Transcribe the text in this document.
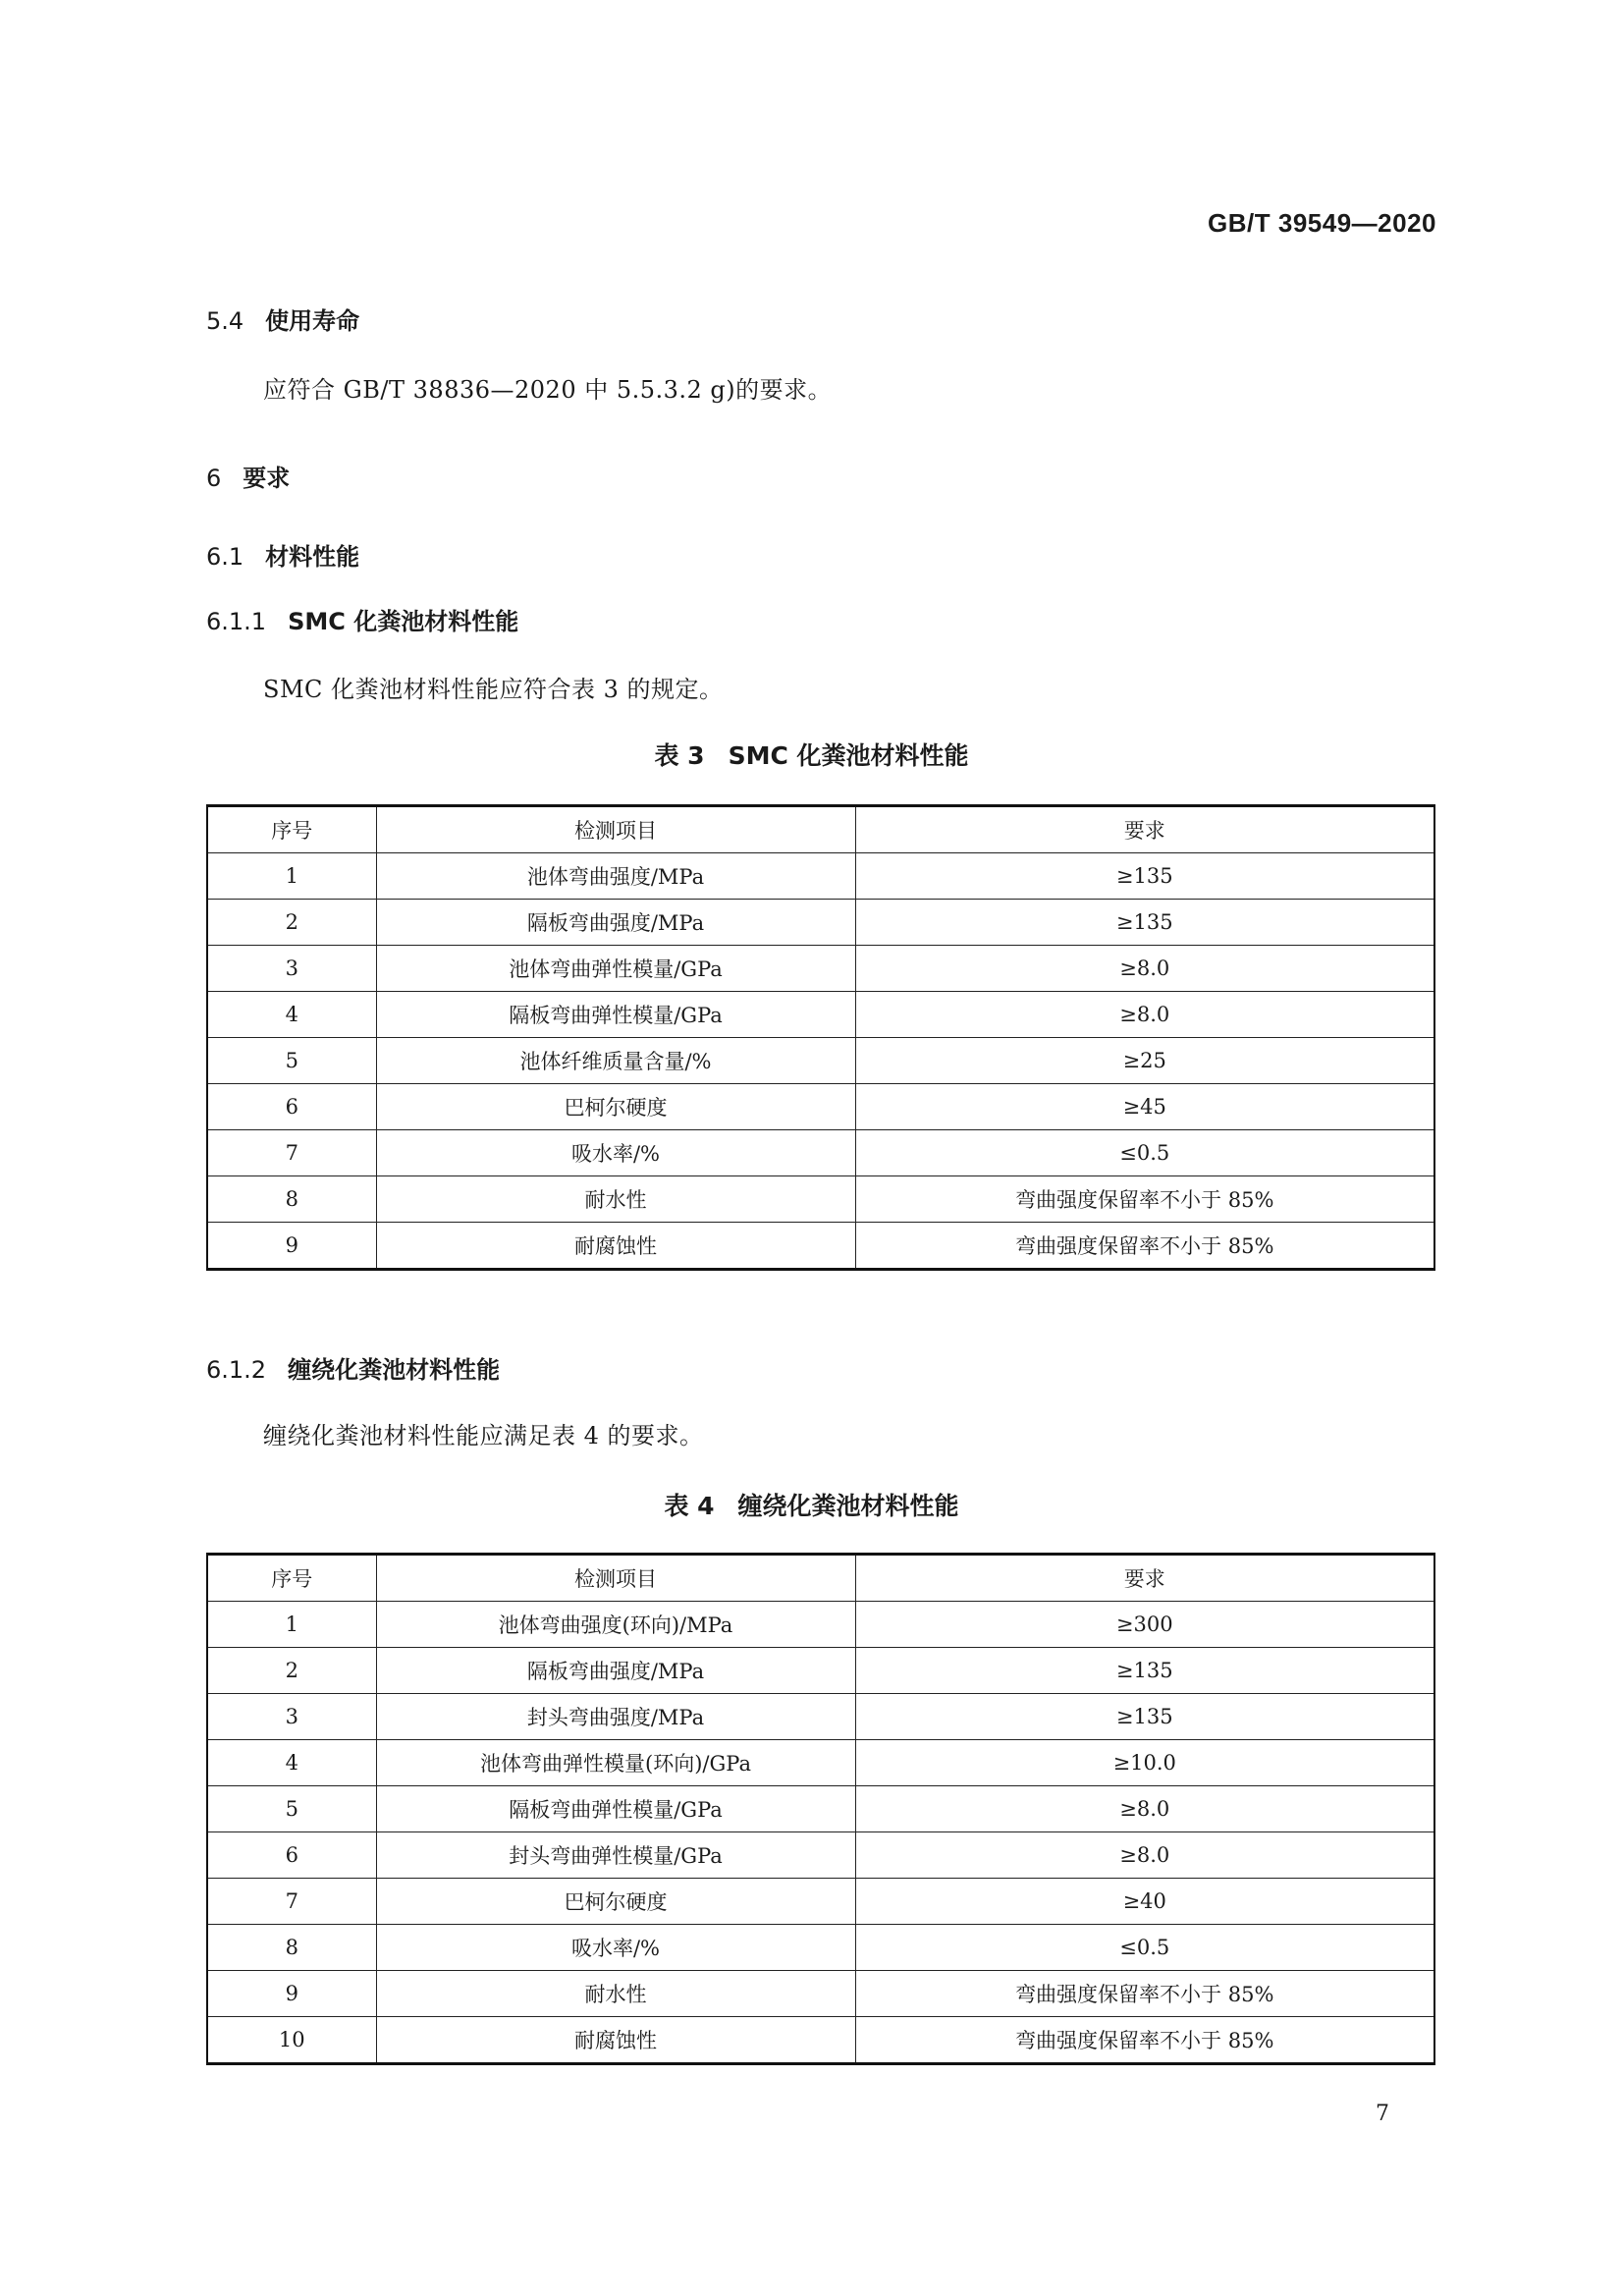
GB/T 39549—2020
5.4 使用寿命
应符合 GB/T 38836—2020 中 5.5.3.2 g)的要求。
6 要求
6.1 材料性能
6.1.1 SMC 化粪池材料性能
SMC 化粪池材料性能应符合表 3 的规定。
表 3 SMC 化粪池材料性能
序号	检测项目	要求
1	池体弯曲强度/MPa	≥135
2	隔板弯曲强度/MPa	≥135
3	池体弯曲弹性模量/GPa	≥8.0
4	隔板弯曲弹性模量/GPa	≥8.0
5	池体纤维质量含量/%	≥25
6	巴柯尔硬度	≥45
7	吸水率/%	≤0.5
8	耐水性	弯曲强度保留率不小于 85%
9	耐腐蚀性	弯曲强度保留率不小于 85%
6.1.2 缠绕化粪池材料性能
缠绕化粪池材料性能应满足表 4 的要求。
表 4 缠绕化粪池材料性能
序号	检测项目	要求
1	池体弯曲强度(环向)/MPa	≥300
2	隔板弯曲强度/MPa	≥135
3	封头弯曲强度/MPa	≥135
4	池体弯曲弹性模量(环向)/GPa	≥10.0
5	隔板弯曲弹性模量/GPa	≥8.0
6	封头弯曲弹性模量/GPa	≥8.0
7	巴柯尔硬度	≥40
8	吸水率/%	≤0.5
9	耐水性	弯曲强度保留率不小于 85%
10	耐腐蚀性	弯曲强度保留率不小于 85%
7
